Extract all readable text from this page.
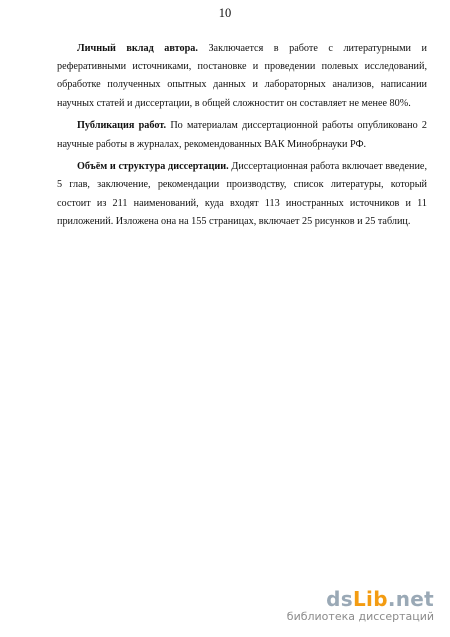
10

Личный вклад автора. Заключается в работе с литературными и реферативными источниками, постановке и проведении полевых исследований, обработке полученных опытных данных и лабораторных анализов, написании научных статей и диссертации, в общей сложностит он составляет не менее 80%.

Публикация работ. По материалам диссертационной работы опубликовано 2 научные работы в журналах, рекомендованных ВАК Минобрнауки РФ.

Объём и структура диссертации. Диссертационная работа включает введение, 5 глав, заключение, рекомендации производству, список литературы, который состоит из 211 наименований, куда входят 113 иностранных источников и 11 приложений. Изложена она на 155 страницах, включает 25 рисунков и 25 таблиц.

dsLib.net
библиотека диссертаций
